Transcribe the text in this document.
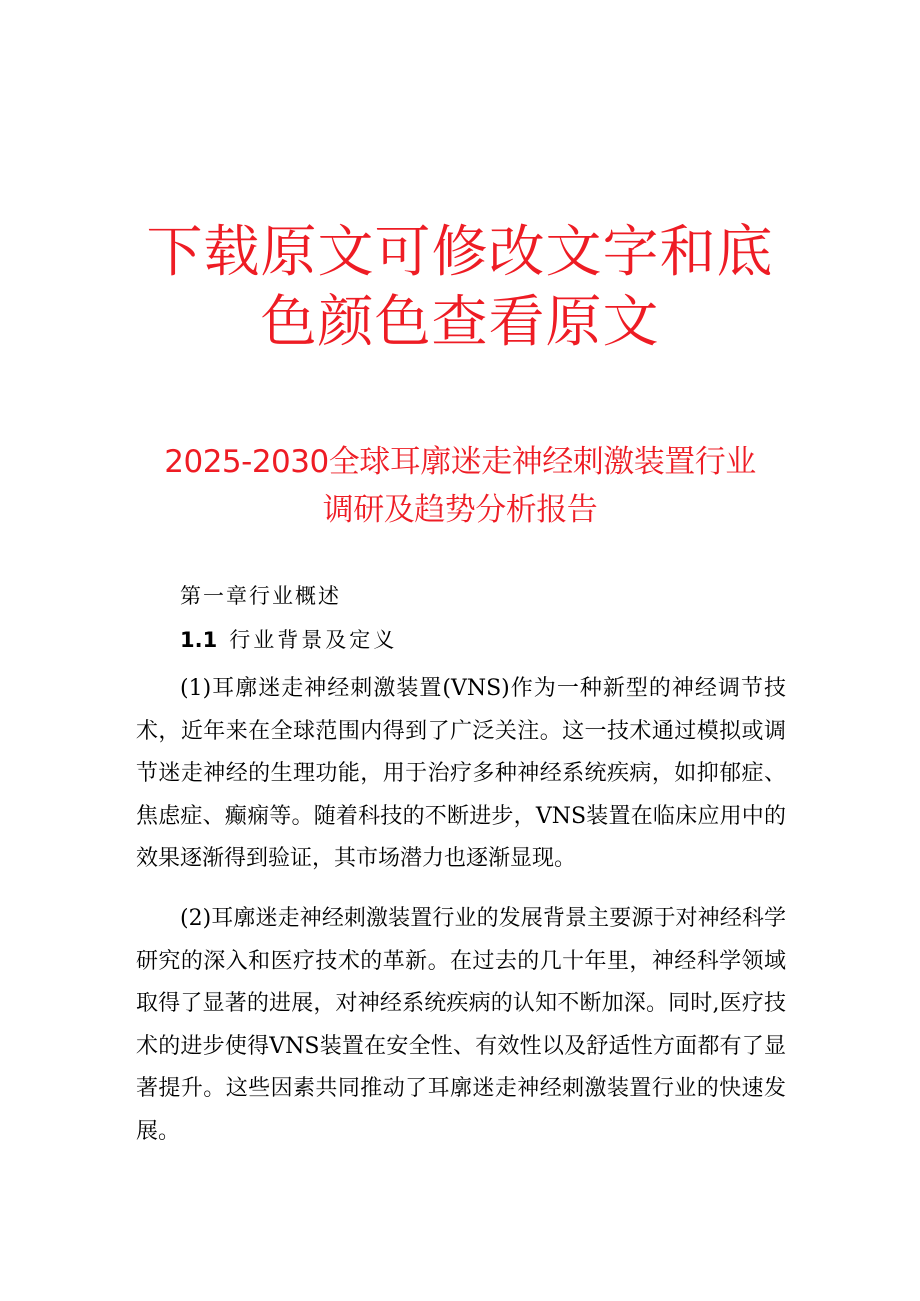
下载原文可修改文字和底
色颜色查看原文
2025-2030全球耳廓迷走神经刺激装置行业
调研及趋势分析报告
第一章行业概述
1.1 行业背景及定义

(1)耳廓迷走神经刺激装置(VNS)作为一种新型的神经调节技术，近年来在全球范围内得到了广泛关注。这一技术通过模拟或调节迷走神经的生理功能，用于治疗多种神经系统疾病，如抑郁症、焦虑症、癫痫等。随着科技的不断进步，VNS装置在临床应用中的效果逐渐得到验证，其市场潜力也逐渐显现。

(2)耳廓迷走神经刺激装置行业的发展背景主要源于对神经科学研究的深入和医疗技术的革新。在过去的几十年里，神经科学领域取得了显著的进展，对神经系统疾病的认知不断加深。同时,医疗技术的进步使得VNS装置在安全性、有效性以及舒适性方面都有了显著提升。这些因素共同推动了耳廓迷走神经刺激装置行业的快速发展。
